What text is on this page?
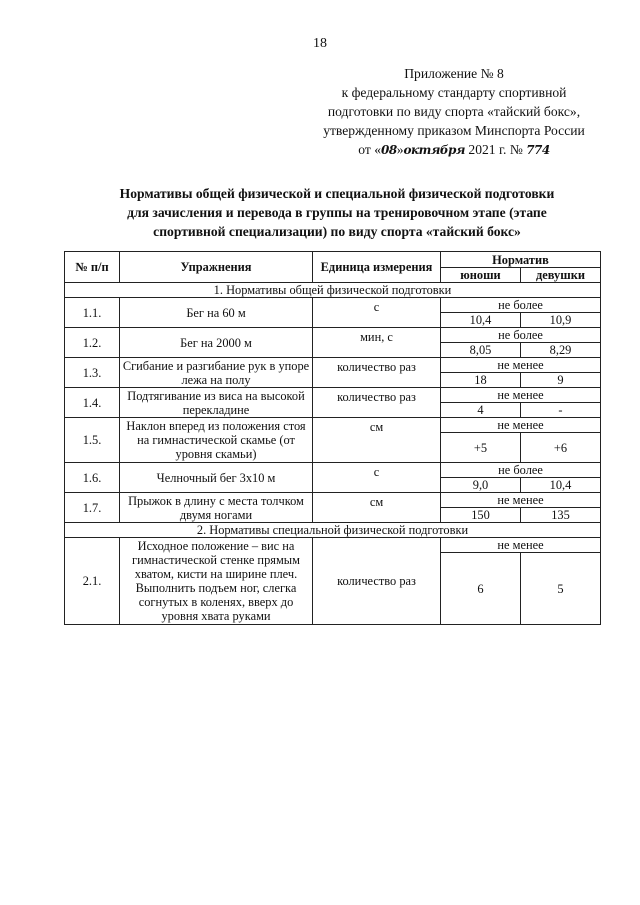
18
Приложение № 8
к федеральному стандарту спортивной
подготовки по виду спорта «тайский бокс»,
утвержденному приказом Минспорта России
от «08»октября 2021 г. № 774
Нормативы общей физической и специальной физической подготовки
для зачисления и перевода в группы на тренировочном этапе (этапе
спортивной специализации) по виду спорта «тайский бокс»
№ п/п	Упражнения	Единица измерения	Норматив	
			юноши	девушки
1. Нормативы общей физической подготовки				
1.1.	Бег на 60 м	с	не более	
			10,4	10,9
1.2.	Бег на 2000 м	мин, с	не более	
			8,05	8,29
1.3.	Сгибание и разгибание рук в упоре лежа на полу	количество раз	не менее	
			18	9
1.4.	Подтягивание из виса на высокой перекладине	количество раз	не менее	
			4	-
1.5.	Наклон вперед из положения стоя на гимнастической скамье (от уровня скамьи)	см	не менее	
			+5	+6
1.6.	Челночный бег 3x10 м	с	не более	
			9,0	10,4
1.7.	Прыжок в длину с места толчком двумя ногами	см	не менее	
			150	135
2. Нормативы специальной физической подготовки				
2.1.	Исходное положение – вис на гимнастической стенке прямым хватом, кисти на ширине плеч. Выполнить подъем ног, слегка согнутых в коленях, вверх до уровня хвата руками	количество раз	не менее	
			6	5
